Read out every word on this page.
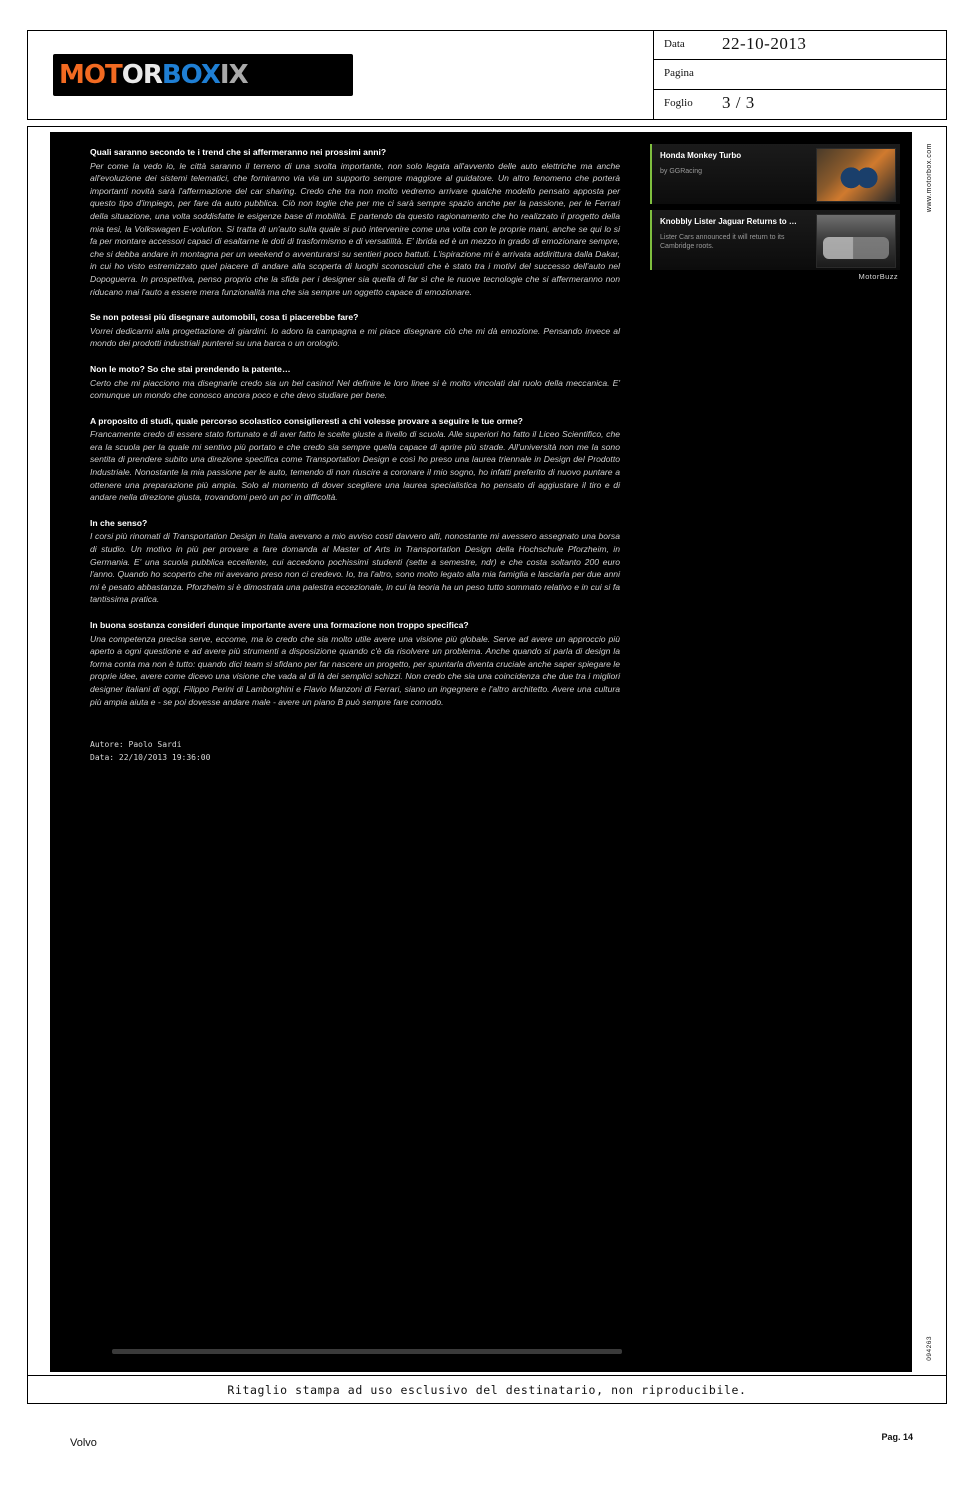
MOT OR BOX IX
Data 22-10-2013
Pagina
Foglio 3 / 3

Quali saranno secondo te i trend che si affermeranno nei prossimi anni?

Per come la vedo io, le città saranno il terreno di una svolta importante, non solo legata all'avvento delle auto elettriche ma anche all'evoluzione dei sistemi telematici, che forniranno via via un supporto sempre maggiore al guidatore. Un altro fenomeno che porterà importanti novità sarà l'affermazione del car sharing. Credo che tra non molto vedremo arrivare qualche modello pensato apposta per questo tipo d'impiego, per fare da auto pubblica. Ciò non toglie che per me ci sarà sempre spazio anche per la passione, per le Ferrari della situazione, una volta soddisfatte le esigenze base di mobilità. E partendo da questo ragionamento che ho realizzato il progetto della mia tesi, la Volkswagen E-volution. Si tratta di un'auto sulla quale si può intervenire come una volta con le proprie mani, anche se qui lo si fa per montare accessori capaci di esaltarne le doti di trasformismo e di versatilità. E' ibrida ed è un mezzo in grado di emozionare sempre, che si debba andare in montagna per un weekend o avventurarsi su sentieri poco battuti. L'ispirazione mi è arrivata addirittura dalla Dakar, in cui ho visto estremizzato quel piacere di andare alla scoperta di luoghi sconosciuti che è stato tra i motivi del successo dell'auto nel Dopoguerra. In prospettiva, penso proprio che la sfida per i designer sia quella di far sì che le nuove tecnologie che si affermeranno non riducano mai l'auto a essere mera funzionalità ma che sia sempre un oggetto capace di emozionare.

Se non potessi più disegnare automobili, cosa ti piacerebbe fare?

Vorrei dedicarmi alla progettazione di giardini. Io adoro la campagna e mi piace disegnare ciò che mi dà emozione. Pensando invece al mondo dei prodotti industriali punterei su una barca o un orologio.

Non le moto? So che stai prendendo la patente…

Certo che mi piacciono ma disegnarle credo sia un bel casino! Nel definire le loro linee si è molto vincolati dal ruolo della meccanica. E' comunque un mondo che conosco ancora poco e che devo studiare per bene.

A proposito di studi, quale percorso scolastico consiglieresti a chi volesse provare a seguire le tue orme?

Francamente credo di essere stato fortunato e di aver fatto le scelte giuste a livello di scuola. Alle superiori ho fatto il Liceo Scientifico, che era la scuola per la quale mi sentivo più portato e che credo sia sempre quella capace di aprire più strade. All'università non me la sono sentita di prendere subito una direzione specifica come Transportation Design e così ho preso una laurea triennale in Design del Prodotto Industriale. Nonostante la mia passione per le auto, temendo di non riuscire a coronare il mio sogno, ho infatti preferito di nuovo puntare a ottenere una preparazione più ampia. Solo al momento di dover scegliere una laurea specialistica ho pensato di aggiustare il tiro e di andare nella direzione giusta, trovandomi però un po' in difficoltà.

In che senso?

I corsi più rinomati di Transportation Design in Italia avevano a mio avviso costi davvero alti, nonostante mi avessero assegnato una borsa di studio. Un motivo in più per provare a fare domanda al Master of Arts in Transportation Design della Hochschule Pforzheim, in Germania. E' una scuola pubblica eccellente, cui accedono pochissimi studenti (sette a semestre, ndr) e che costa soltanto 200 euro l'anno. Quando ho scoperto che mi avevano preso non ci credevo. Io, tra l'altro, sono molto legato alla mia famiglia e lasciarla per due anni mi è pesato abbastanza. Pforzheim si è dimostrata una palestra eccezionale, in cui la teoria ha un peso tutto sommato relativo e in cui si fa tantissima pratica.

In buona sostanza consideri dunque importante avere una formazione non troppo specifica?

Una competenza precisa serve, eccome, ma io credo che sia molto utile avere una visione più globale. Serve ad avere un approccio più aperto a ogni questione e ad avere più strumenti a disposizione quando c'è da risolvere un problema. Anche quando si parla di design la forma conta ma non è tutto: quando dici team si sfidano per far nascere un progetto, per spuntarla diventa cruciale anche saper spiegare le proprie idee, avere come dicevo una visione che vada al di là dei semplici schizzi. Non credo che sia una coincidenza che due tra i migliori designer italiani di oggi, Filippo Perini di Lamborghini e Flavio Manzoni di Ferrari, siano un ingegnere e l'altro architetto. Avere una cultura più ampia aiuta e - se poi dovesse andare male - avere un piano B può sempre fare comodo.

Autore: Paolo Sardi
Data: 22/10/2013 19:36:00
Honda Monkey Turbo
by GGRacing
Knobbly Lister Jaguar Returns to …
Lister Cars announced it will return to its Cambridge roots.
MotorBuzz
www.motorbox.com
094263
Ritaglio stampa ad uso esclusivo del destinatario, non riproducibile.
Volvo	Pag. 14
